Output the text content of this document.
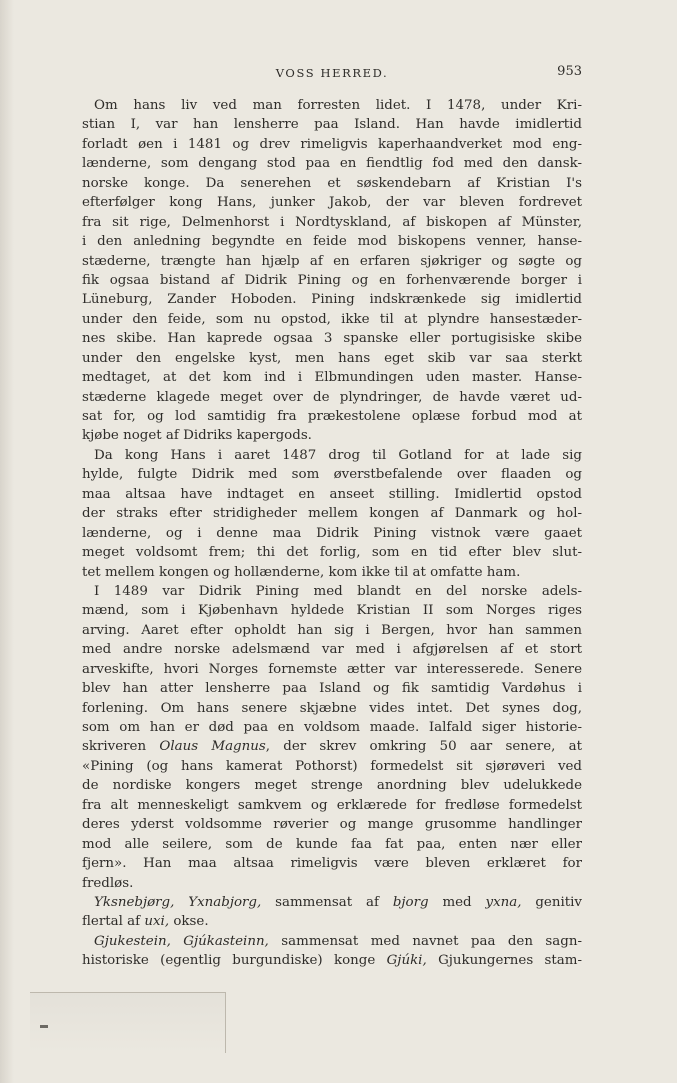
VOSS HERRED.	953
Om hans liv ved man forresten lidet. I 1478, under Kri-
stian I, var han lensherre paa Island. Han havde imidlertid
forladt øen i 1481 og drev rimeligvis kaperhaandverket mod eng-
lænderne, som dengang stod paa en fiendtlig fod med den dansk-
norske konge. Da senerehen et søskendebarn af Kristian I's
efterfølger kong Hans, junker Jakob, der var bleven fordrevet
fra sit rige, Delmenhorst i Nordtyskland, af biskopen af Münster,
i den anledning begyndte en feide mod biskopens venner, hanse-
stæderne, trængte han hjælp af en erfaren sjøkriger og søgte og
fik ogsaa bistand af Didrik Pining og en forhenværende borger i
Lüneburg, Zander Hoboden. Pining indskrænkede sig imidlertid
under den feide, som nu opstod, ikke til at plyndre hansestæder-
nes skibe. Han kaprede ogsaa 3 spanske eller portugisiske skibe
under den engelske kyst, men hans eget skib var saa sterkt
medtaget, at det kom ind i Elbmundingen uden master. Hanse-
stæderne klagede meget over de plyndringer, de havde været ud-
sat for, og lod samtidig fra prækestolene oplæse forbud mod at
kjøbe noget af Didriks kapergods.
Da kong Hans i aaret 1487 drog til Gotland for at lade sig
hylde, fulgte Didrik med som øverstbefalende over flaaden og
maa altsaa have indtaget en anseet stilling. Imidlertid opstod
der straks efter stridigheder mellem kongen af Danmark og hol-
lænderne, og i denne maa Didrik Pining vistnok være gaaet
meget voldsomt frem; thi det forlig, som en tid efter blev slut-
tet mellem kongen og hollænderne, kom ikke til at omfatte ham.
I 1489 var Didrik Pining med blandt en del norske adels-
mænd, som i Kjøbenhavn hyldede Kristian II som Norges riges
arving. Aaret efter opholdt han sig i Bergen, hvor han sammen
med andre norske adelsmænd var med i afgjørelsen af et stort
arveskifte, hvori Norges fornemste ætter var interesserede. Senere
blev han atter lensherre paa Island og fik samtidig Vardøhus i
forlening. Om hans senere skjæbne vides intet. Det synes dog,
som om han er død paa en voldsom maade. Ialfald siger historie-
skriveren Olaus Magnus, der skrev omkring 50 aar senere, at
«Pining (og hans kamerat Pothorst) formedelst sit sjørøveri ved
de nordiske kongers meget strenge anordning blev udelukkede
fra alt menneskeligt samkvem og erklærede for fredløse formedelst
deres yderst voldsomme røverier og mange grusomme handlinger
mod alle seilere, som de kunde faa fat paa, enten nær eller
fjern». Han maa altsaa rimeligvis være bleven erklæret for
fredløs.
Yksnebjørg, Yxnabjorg, sammensat af bjorg med yxna, genitiv
flertal af uxi, okse.
Gjukestein, Gjúkasteinn, sammensat med navnet paa den sagn-
historiske (egentlig burgundiske) konge Gjúki, Gjukungernes stam-
